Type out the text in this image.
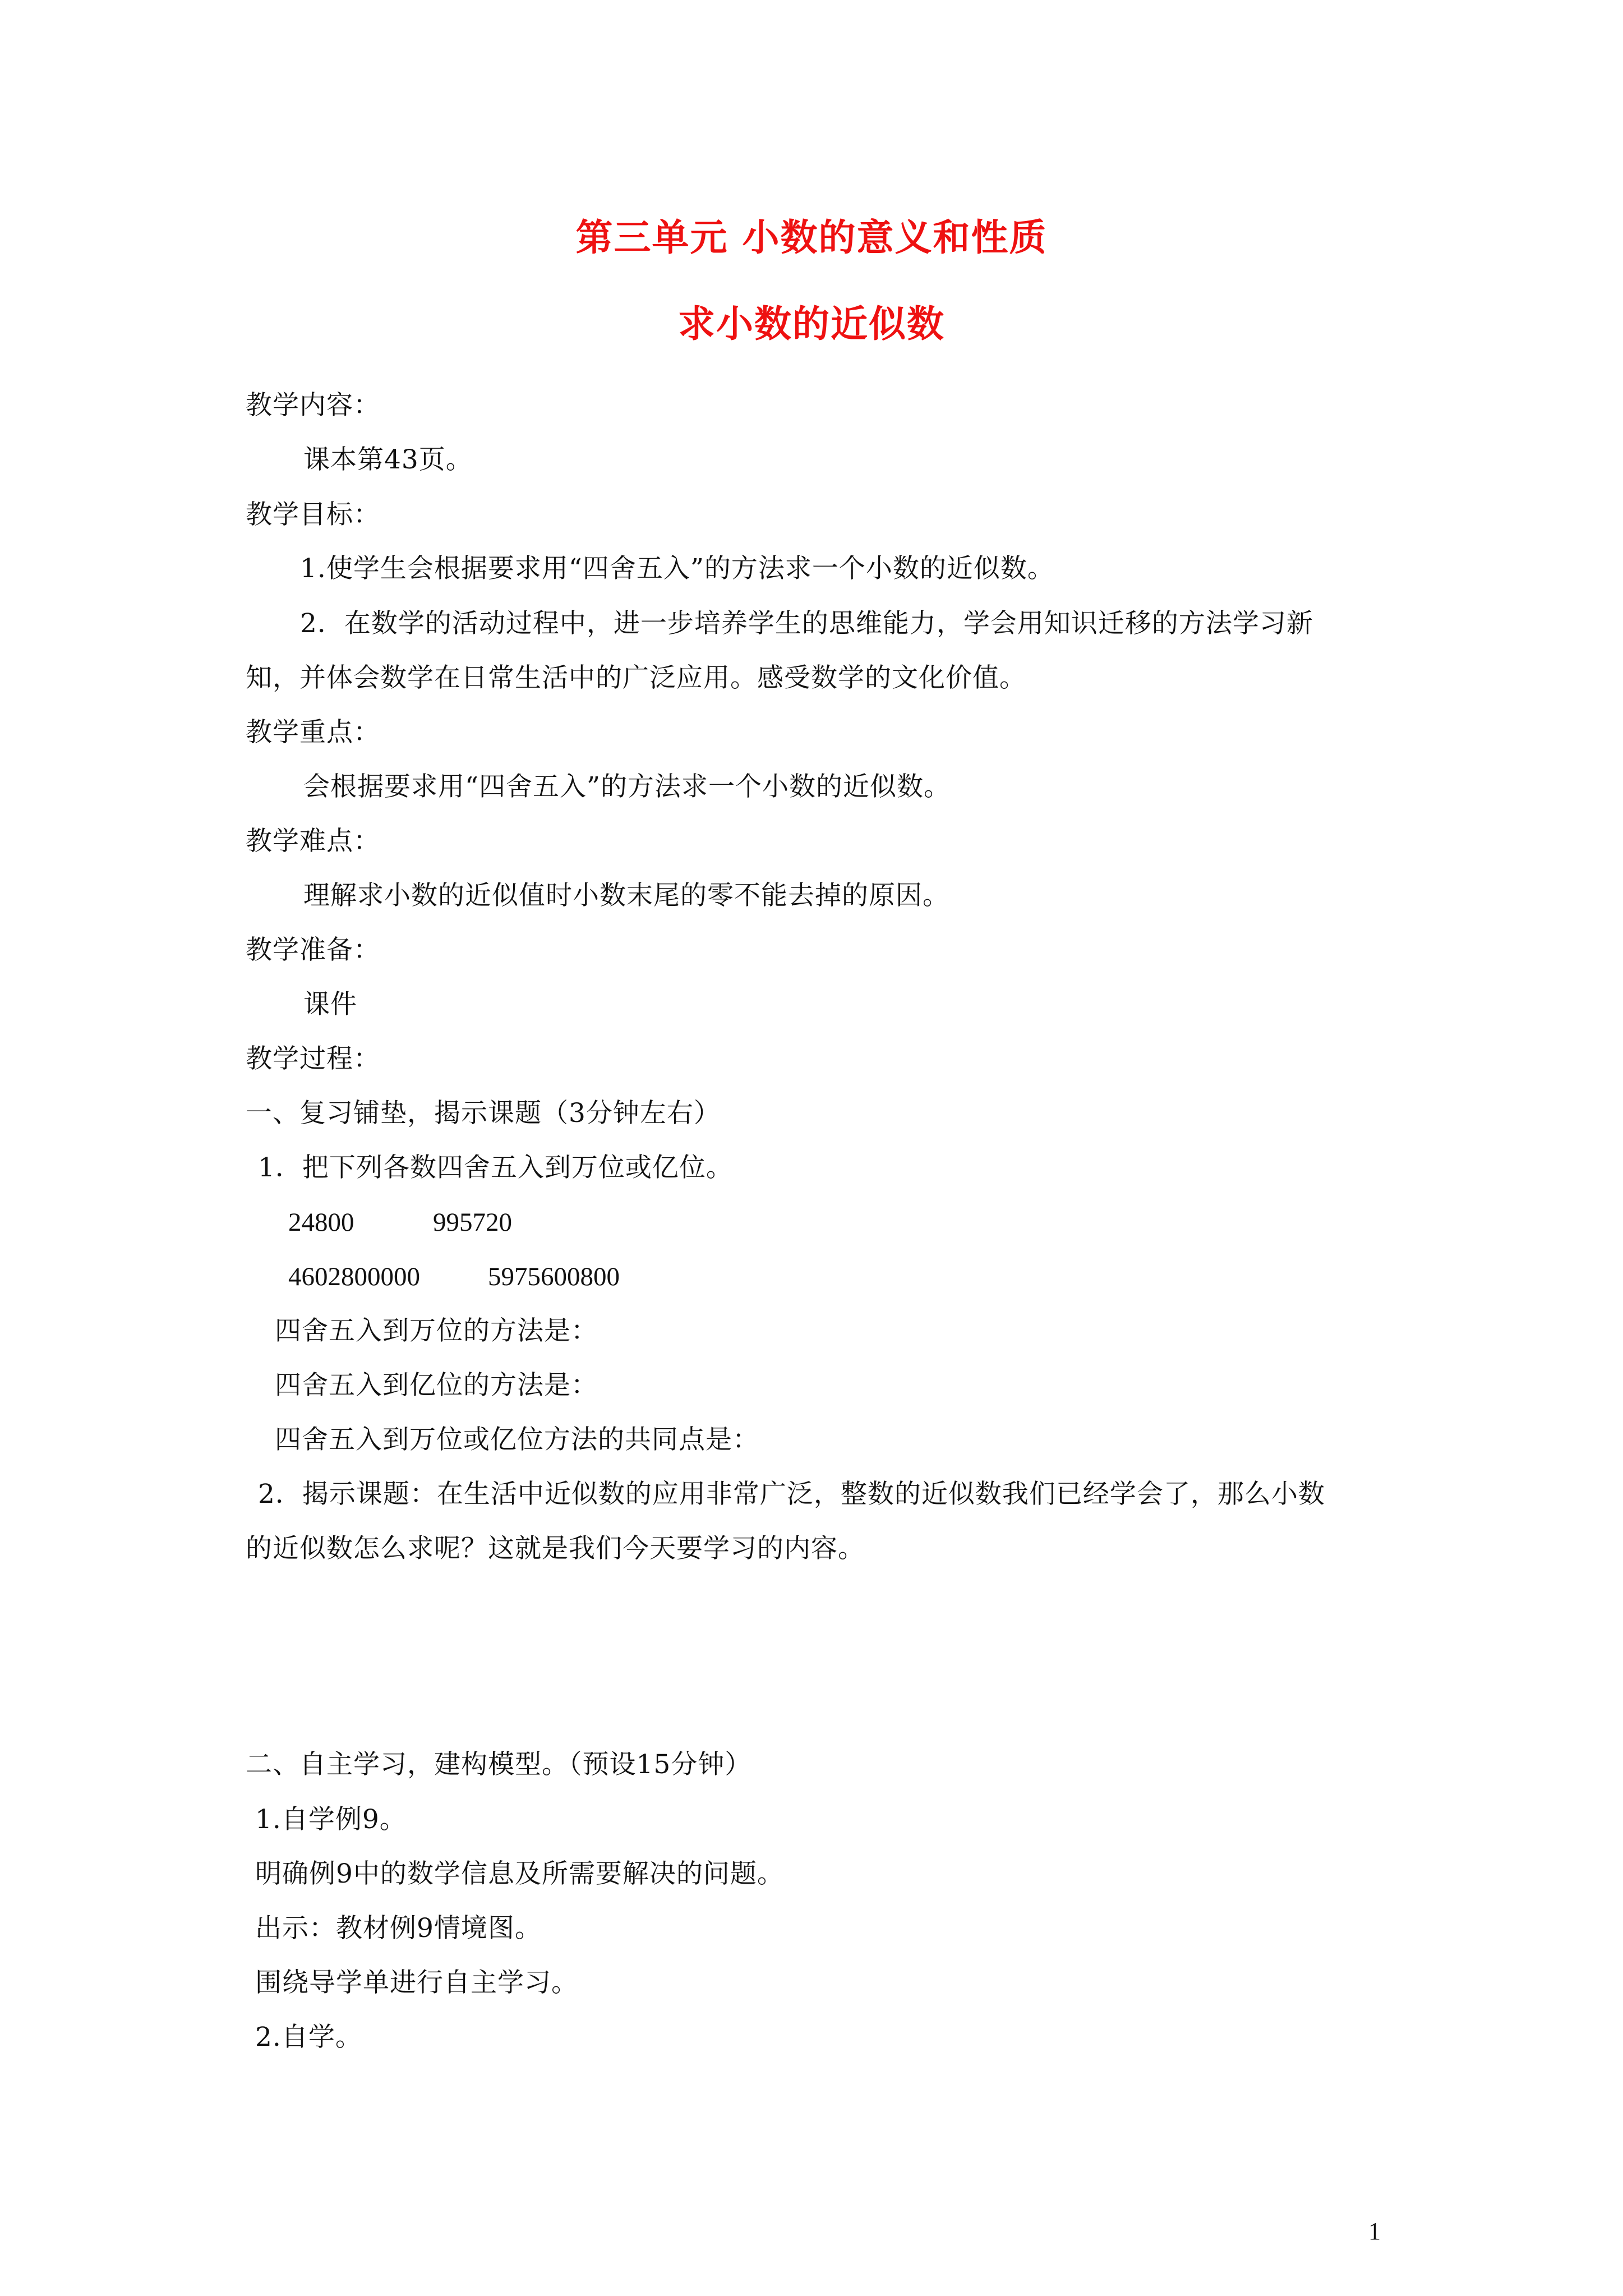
第三单元 小数的意义和性质
求小数的近似数
教学内容：
课本第43页。
教学目标：
1.使学生会根据要求用“四舍五入”的方法求一个小数的近似数。
2．在数学的活动过程中，进一步培养学生的思维能力，学会用知识迁移的方法学习新
知，并体会数学在日常生活中的广泛应用。感受数学的文化价值。
教学重点：
会根据要求用“四舍五入”的方法求一个小数的近似数。
教学难点：
理解求小数的近似值时小数末尾的零不能去掉的原因。
教学准备：
课件
教学过程：
一、复习铺垫，揭示课题（3分钟左右）
1．把下列各数四舍五入到万位或亿位。
24800	995720
4602800000	5975600800
四舍五入到万位的方法是：
四舍五入到亿位的方法是：
四舍五入到万位或亿位方法的共同点是：
2．揭示课题：在生活中近似数的应用非常广泛，整数的近似数我们已经学会了，那么小数
的近似数怎么求呢？这就是我们今天要学习的内容。
二、自主学习，建构模型。（预设15分钟）
1.自学例9。
明确例9中的数学信息及所需要解决的问题。
出示：教材例9情境图。
围绕导学单进行自主学习。
2.自学。
1
